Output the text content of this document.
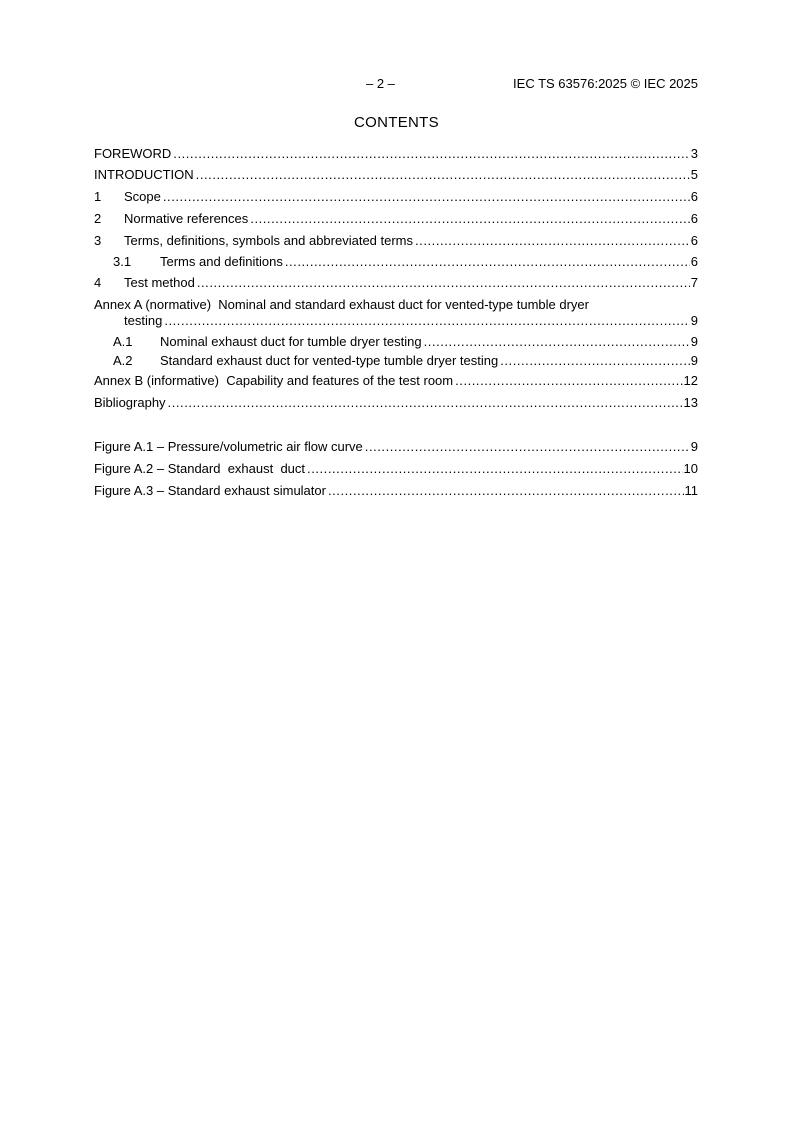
– 2 –	IEC TS 63576:2025 © IEC 2025
CONTENTS
FOREWORD .....	3
INTRODUCTION .....	5
1	Scope .....	6
2	Normative references .....	6
3	Terms, definitions, symbols and abbreviated terms .....	6
3.1	Terms and definitions .....	6
4	Test method .....	7
Annex A (normative)  Nominal and standard exhaust duct for vented-type tumble dryer
testing .....	9
A.1	Nominal exhaust duct for tumble dryer testing .....	9
A.2	Standard exhaust duct for vented-type tumble dryer testing .....	9
Annex B (informative)  Capability and features of the test room .....	12
Bibliography .....	13
Figure A.1 – Pressure/volumetric air flow curve .....	9
Figure A.2 – Standard  exhaust  duct .....	10
Figure A.3 – Standard exhaust simulator .....	11
